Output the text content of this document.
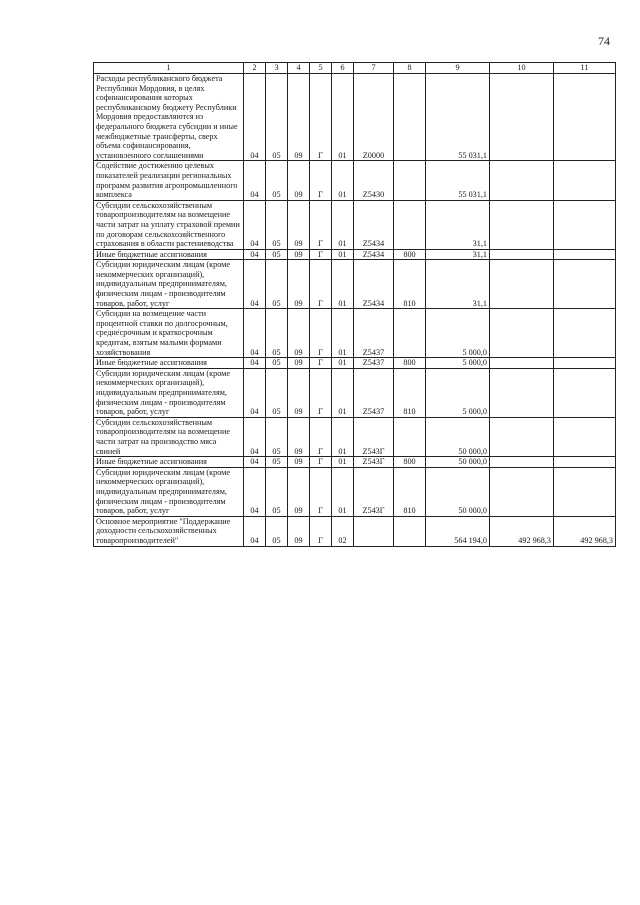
74
1	2	3	4	5	6	7	8	9	10	11
Расходы республиканского бюджета Республики Мордовия, в целях софинансирования которых республиканскому бюджету Республики Мордовия предоставляются из федерального бюджета субсидии и иные межбюджетные трансферты, сверх объема софинансирования, установленного соглашениями	04	05	09	Г	01	Z0000		55 031,1		
Содействие достижению целевых показателей реализации региональных программ развития агропромышленного комплекса	04	05	09	Г	01	Z5430		55 031,1		
Субсидии сельскохозяйственным товаропроизводителям на возмещение части затрат на уплату страховой премии по договорам сельскохозяйственного страхования в области растениеводства	04	05	09	Г	01	Z5434		31,1		
Иные бюджетные ассигнования	04	05	09	Г	01	Z5434	800	31,1		
Субсидии юридическим лицам (кроме некоммерческих организаций), индивидуальным предпринимателям, физическим лицам - производителям товаров, работ, услуг	04	05	09	Г	01	Z5434	810	31,1		
Субсидии на возмещение части процентной ставки по долгосрочным, среднесрочным и краткосрочным кредитам, взятым малыми формами хозяйствования	04	05	09	Г	01	Z5437		5 000,0		
Иные бюджетные ассигнования	04	05	09	Г	01	Z5437	800	5 000,0		
Субсидии юридическим лицам (кроме некоммерческих организаций), индивидуальным предпринимателям, физическим лицам - производителям товаров, работ, услуг	04	05	09	Г	01	Z5437	810	5 000,0		
Субсидии сельскохозяйственным товаропроизводителям на возмещение части затрат на производство мяса свиней	04	05	09	Г	01	Z543Г		50 000,0		
Иные бюджетные ассигнования	04	05	09	Г	01	Z543Г	800	50 000,0		
Субсидии юридическим лицам (кроме некоммерческих организаций), индивидуальным предпринимателям, физическим лицам - производителям товаров, работ, услуг	04	05	09	Г	01	Z543Г	810	50 000,0		
Основное мероприятие "Поддержание доходности сельскохозяйственных товаропроизводителей"	04	05	09	Г	02			564 194,0	492 968,3	492 968,3
